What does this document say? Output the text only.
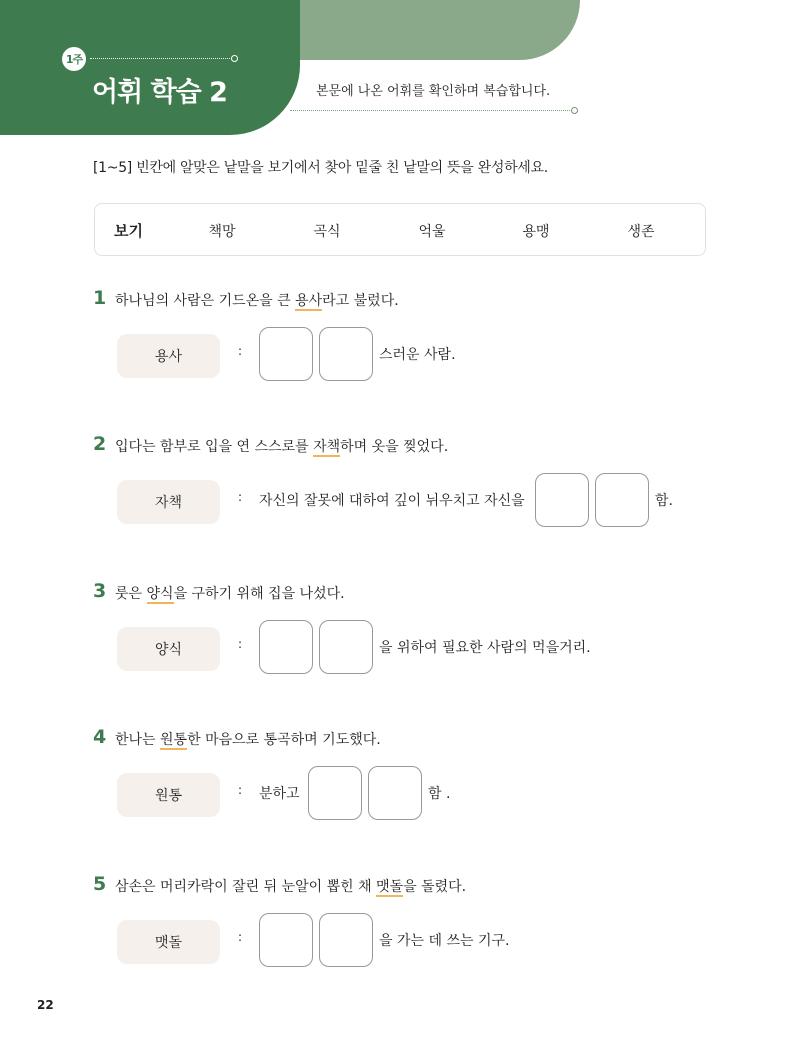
1주
어휘 학습 2	본문에 나온 어휘를 확인하며 복습합니다.
[1~5] 빈칸에 알맞은 낱말을 보기에서 찾아 밑줄 친 낱말의 뜻을 완성하세요.
보기	책망	곡식	억울	용맹	생존
1 하나님의 사람은 기드온을 큰 용사라고 불렀다.
용사	:	스러운 사람.
2 입다는 함부로 입을 연 스스로를 자책하며 옷을 찢었다.
자책	: 자신의 잘못에 대하여 깊이 뉘우치고 자신을	함.
3 룻은 양식을 구하기 위해 집을 나섰다.
양식	:	을 위하여 필요한 사람의 먹을거리.
4 한나는 원통한 마음으로 통곡하며 기도했다.
원통	: 분하고	함 .
5 삼손은 머리카락이 잘린 뒤 눈알이 뽑힌 채 맷돌을 돌렸다.
맷돌	:	을 가는 데 쓰는 기구.
22
